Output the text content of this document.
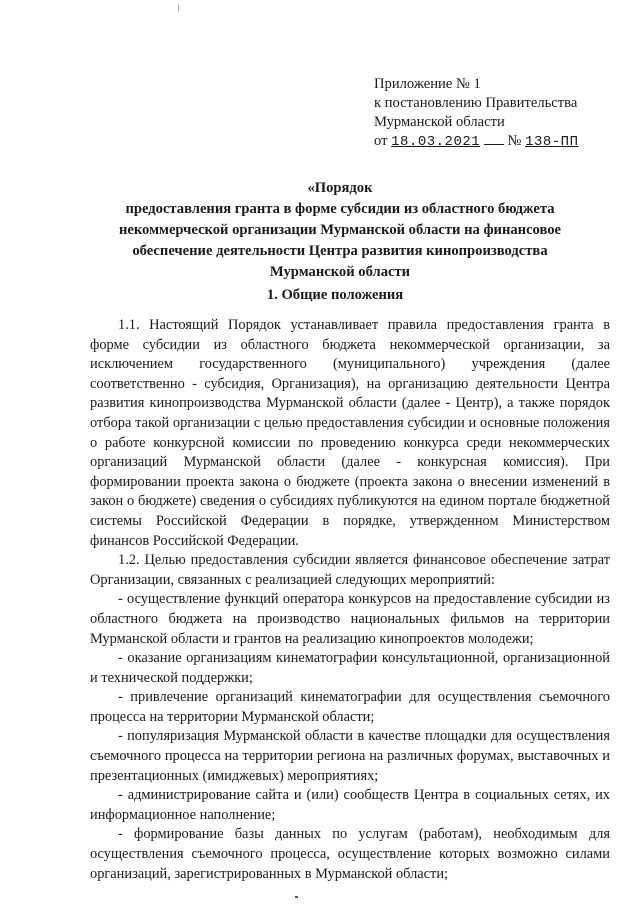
Приложение № 1
к постановлению Правительства
Мурманской области
от 18.03.2021 № 138-ПП
«Порядок
предоставления гранта в форме субсидии из областного бюджета
некоммерческой организации Мурманской области на финансовое
обеспечение деятельности Центра развития кинопроизводства
Мурманской области
1. Общие положения

1.1. Настоящий Порядок устанавливает правила предоставления гранта в форме субсидии из областного бюджета некоммерческой организации, за исключением государственного (муниципального) учреждения (далее соответственно - субсидия, Организация), на организацию деятельности Центра развития кинопроизводства Мурманской области (далее - Центр), а также порядок отбора такой организации с целью предоставления субсидии и основные положения о работе конкурсной комиссии по проведению конкурса среди некоммерческих организаций Мурманской области (далее - конкурсная комиссия). При формировании проекта закона о бюджете (проекта закона о внесении изменений в закон о бюджете) сведения о субсидиях публикуются на едином портале бюджетной системы Российской Федерации в порядке, утвержденном Министерством финансов Российской Федерации.

1.2. Целью предоставления субсидии является финансовое обеспечение затрат Организации, связанных с реализацией следующих мероприятий:

- осуществление функций оператора конкурсов на предоставление субсидии из областного бюджета на производство национальных фильмов на территории Мурманской области и грантов на реализацию кинопроектов молодежи;

- оказание организациям кинематографии консультационной, организационной и технической поддержки;

- привлечение организаций кинематографии для осуществления съемочного процесса на территории Мурманской области;

- популяризация Мурманской области в качестве площадки для осуществления съемочного процесса на территории региона на различных форумах, выставочных и презентационных (имиджевых) мероприятиях;

- администрирование сайта и (или) сообществ Центра в социальных сетях, их информационное наполнение;

- формирование базы данных по услугам (работам), необходимым для осуществления съемочного процесса, осуществление которых возможно силами организаций, зарегистрированных в Мурманской области;
